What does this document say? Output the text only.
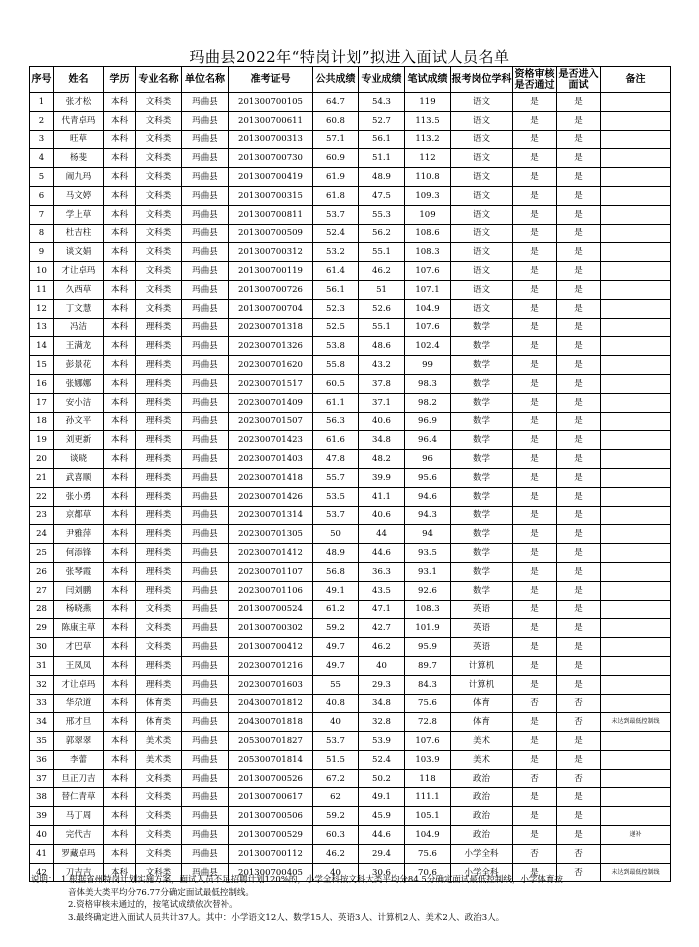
玛曲县2022年“特岗计划”拟进入面试人员名单
序号	姓名	学历	专业名称	单位名称	准考证号	公共成绩	专业成绩	笔试成绩	报考岗位学科	资格审核是否通过	是否进入面试	备注
1	张才松	本科	文科类	玛曲县	201300700105	64.7	54.3	119	语文	是	是	
2	代青卓玛	本科	文科类	玛曲县	201300700611	60.8	52.7	113.5	语文	是	是	
3	旺草	本科	文科类	玛曲县	201300700313	57.1	56.1	113.2	语文	是	是	
4	杨斐	本科	文科类	玛曲县	201300700730	60.9	51.1	112	语文	是	是	
5	闹九玛	本科	文科类	玛曲县	201300700419	61.9	48.9	110.8	语文	是	是	
6	马文婷	本科	文科类	玛曲县	201300700315	61.8	47.5	109.3	语文	是	是	
7	学上草	本科	文科类	玛曲县	201300700811	53.7	55.3	109	语文	是	是	
8	杜吉柱	本科	文科类	玛曲县	201300700509	52.4	56.2	108.6	语文	是	是	
9	谈文娟	本科	文科类	玛曲县	201300700312	53.2	55.1	108.3	语文	是	是	
10	才让卓玛	本科	文科类	玛曲县	201300700119	61.4	46.2	107.6	语文	是	是	
11	久西草	本科	文科类	玛曲县	201300700726	56.1	51	107.1	语文	是	是	
12	丁文慧	本科	文科类	玛曲县	201300700704	52.3	52.6	104.9	语文	是	是	
13	冯洁	本科	理科类	玛曲县	202300701318	52.5	55.1	107.6	数学	是	是	
14	王满龙	本科	理科类	玛曲县	202300701326	53.8	48.6	102.4	数学	是	是	
15	彭景花	本科	理科类	玛曲县	202300701620	55.8	43.2	99	数学	是	是	
16	张娜娜	本科	理科类	玛曲县	202300701517	60.5	37.8	98.3	数学	是	是	
17	安小洁	本科	理科类	玛曲县	202300701409	61.1	37.1	98.2	数学	是	是	
18	孙文平	本科	理科类	玛曲县	202300701507	56.3	40.6	96.9	数学	是	是	
19	刘更新	本科	理科类	玛曲县	202300701423	61.6	34.8	96.4	数学	是	是	
20	谈晓	本科	理科类	玛曲县	202300701403	47.8	48.2	96	数学	是	是	
21	武喜顺	本科	理科类	玛曲县	202300701418	55.7	39.9	95.6	数学	是	是	
22	张小勇	本科	理科类	玛曲县	202300701426	53.5	41.1	94.6	数学	是	是	
23	京都草	本科	理科类	玛曲县	202300701314	53.7	40.6	94.3	数学	是	是	
24	尹雅萍	本科	理科类	玛曲县	202300701305	50	44	94	数学	是	是	
25	何添锋	本科	理科类	玛曲县	202300701412	48.9	44.6	93.5	数学	是	是	
26	张琴霞	本科	理科类	玛曲县	202300701107	56.8	36.3	93.1	数学	是	是	
27	闫刘鹏	本科	理科类	玛曲县	202300701106	49.1	43.5	92.6	数学	是	是	
28	杨晓燕	本科	文科类	玛曲县	201300700524	61.2	47.1	108.3	英语	是	是	
29	陈康主草	本科	文科类	玛曲县	201300700302	59.2	42.7	101.9	英语	是	是	
30	才巴草	本科	文科类	玛曲县	201300700412	49.7	46.2	95.9	英语	是	是	
31	王凤凤	本科	理科类	玛曲县	202300701216	49.7	40	89.7	计算机	是	是	
32	才让卓玛	本科	理科类	玛曲县	202300701603	55	29.3	84.3	计算机	是	是	
33	华尕道	本科	体育类	玛曲县	204300701812	40.8	34.8	75.6	体育	否	否	
34	邢才旦	本科	体育类	玛曲县	204300701818	40	32.8	72.8	体育	是	否	未达到最低控制线
35	郭翠翠	本科	美术类	玛曲县	205300701827	53.7	53.9	107.6	美术	是	是	
36	李蕾	本科	美术类	玛曲县	205300701814	51.5	52.4	103.9	美术	是	是	
37	旦正刀吉	本科	文科类	玛曲县	201300700526	67.2	50.2	118	政治	否	否	
38	替仁青草	本科	文科类	玛曲县	201300700617	62	49.1	111.1	政治	是	是	
39	马丁周	本科	文科类	玛曲县	201300700506	59.2	45.9	105.1	政治	是	是	
40	完代吉	本科	文科类	玛曲县	201300700529	60.3	44.6	104.9	政治	是	是	递补
41	罗藏卓玛	本科	文科类	玛曲县	201300700112	46.2	29.4	75.6	小学全科	否	否	
42	刀吉吉	本科	文科类	玛曲县	201300700405	40	30.6	70.6	小学全科	是	否	未达到最低控制线
说明： 1.根据省州特岗计划实施方案，面试人员不足招聘计划120%的，小学全科按文科大类平均分84.5分确定面试最低控制线，小学体育按
音体美大类平均分76.77分确定面试最低控制线。
2.资格审核未通过的，按笔试成绩依次替补。
3.最终确定进入面试人员共计37人。其中：小学语文12人、数学15人、英语3人、计算机2人、美术2人、政治3人。
